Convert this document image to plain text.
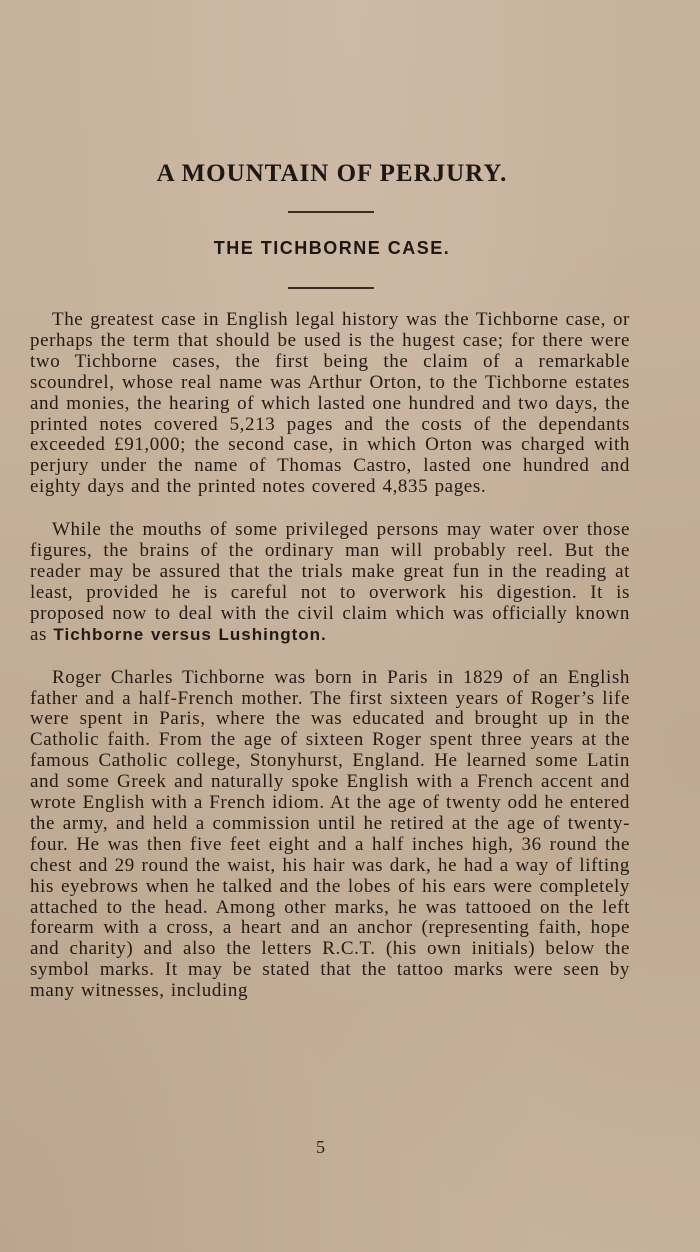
A MOUNTAIN OF PERJURY.
THE TICHBORNE CASE.

The greatest case in English legal history was the Tichborne case, or perhaps the term that should be used is the hugest case; for there were two Tichborne cases, the first being the claim of a remarkable scoundrel, whose real name was Arthur Orton, to the Tichborne estates and monies, the hearing of which lasted one hundred and two days, the printed notes covered 5,213 pages and the costs of the dependants exceeded £91,000; the second case, in which Orton was charged with perjury under the name of Thomas Castro, lasted one hundred and eighty days and the printed notes covered 4,835 pages.

While the mouths of some privileged persons may water over those figures, the brains of the ordinary man will probably reel. But the reader may be assured that the trials make great fun in the reading at least, provided he is careful not to overwork his digestion. It is proposed now to deal with the civil claim which was officially known as Tichborne versus Lushington.

Roger Charles Tichborne was born in Paris in 1829 of an English father and a half-French mother. The first sixteen years of Roger’s life were spent in Paris, where the was educated and brought up in the Catholic faith. From the age of sixteen Roger spent three years at the famous Catholic college, Stonyhurst, England. He learned some Latin and some Greek and naturally spoke English with a French accent and wrote English with a French idiom. At the age of twenty odd he entered the army, and held a commission until he retired at the age of twenty-four. He was then five feet eight and a half inches high, 36 round the chest and 29 round the waist, his hair was dark, he had a way of lifting his eyebrows when he talked and the lobes of his ears were completely attached to the head. Among other marks, he was tattooed on the left forearm with a cross, a heart and an anchor (representing faith, hope and charity) and also the letters R.C.T. (his own initials) below the symbol marks. It may be stated that the tattoo marks were seen by many witnesses, including

5
